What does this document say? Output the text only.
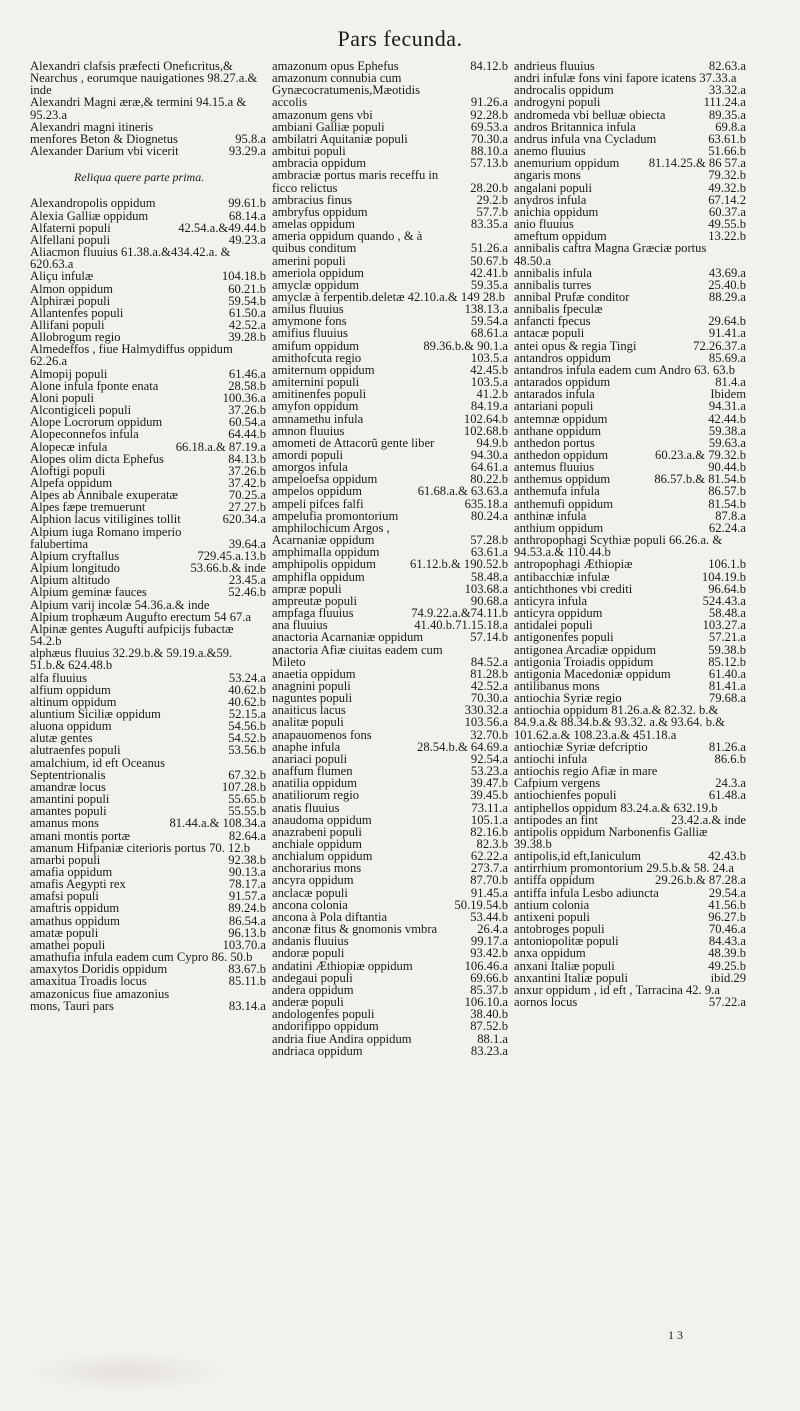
Pars fecunda.
Alexandri clafsis præfecti Onefıcritus,& Nearchus , eorumque nauigationes 98.27.a.& inde
Alexandri Magni æræ,& termini 94.15.a & 95.23.a
Alexandri magni itineris menfores Beton & Diognetus	95.8.a
Alexander Darium vbi vicerit	93.29.a
Reliqua quere parte prima.
Alexandropolis oppidum	99.61.b
Alexia Galliæ oppidum	68.14.a
Alfaterni populi	42.54.a.&49.44.b
Alfellani populi	49.23.a
Aliacmon fluuius 61.38.a.&434.42.a. & 620.63.a
Aliçu infulæ	104.18.b
Almon oppidum	60.21.b
Alphiræi populi	59.54.b
Allantenfes populi	61.50.a
Allifani populi	42.52.a
Allobrogum regio	39.28.b
Almedeffos , fiue Halmydiffus oppidum 62.26.a
Almopij populi	61.46.a
Alone infula fponte enata	28.58.b
Aloni populi	100.36.a
Alcontigiceli populi	37.26.b
Alope Locrorum oppidum	60.54.a
Alopeconnefos infula	64.44.b
Alopecæ infula	66.18.a.& 87.19.a
Alopes olim dicta Ephefus	84.13.b
Aloftigi populi	37.26.b
Alpefa oppidum	37.42.b
Alpes ab Annibale exuperatæ	70.25.a
Alpes fæpe tremuerunt	27.27.b
Alphion lacus vitiligines tollit	620.34.a
Alpium iuga Romano imperio falubertima	39.64.a
Alpium cryftallus	729.45.a.13.b
Alpium longitudo	53.66.b.& inde
Alpium altitudo	23.45.a
Alpium geminæ fauces	52.46.b
Alpium varij incolæ 54.36.a.& inde
Alpium trophæum Augufto erectum 54 67.a
Alpinæ gentes Augufti aufpicijs fubactæ 54.2.b
alphæus fluuius 32.29.b.& 59.19.a.&59. 51.b.& 624.48.b
alfa fluuius	53.24.a
alfium oppidum	40.62.b
altinum oppidum	40.62.b
aluntium Siciliæ oppidum	52.15.a
aluona oppidum	54.56.b
alutæ gentes	54.52.b
alutraenfes populi	53.56.b
amalchium, id eft Oceanus Septentrionalis	67.32.b
amandræ locus	107.28.b
amantini populi	55.65.b
amantes populi	55.55.b
amanus mons	81.44.a.& 108.34.a
amani montis portæ	82.64.a
amanum Hifpaniæ citerioris portus 70. 12.b
amarbi populi	92.38.b
amafia oppidum	90.13.a
amafis Aegypti rex	78.17.a
amafsi populi	91.57.a
amaftris oppidum	89.24.b
amathus oppidum	86.54.a
amatæ populi	96.13.b
amathei populi	103.70.a
amathufia infula eadem cum Cypro 86. 50.b
amaxytos Doridis oppidum	83.67.b
amaxitua Troadis locus	85.11.b
amazonicus fiue amazonius mons, Tauri pars	83.14.a
amazonum opus Ephefus	84.12.b
amazonum connubia cum Gynæcocratumenis,Mæotidis accolis	91.26.a
amazonum gens vbi	92.28.b
ambiani Galliæ populi	69.53.a
ambilatri Aquitaniæ populi	70.30.a
ambitui populi	88.10.a
ambracia oppidum	57.13.b
ambraciæ portus maris receffu in ficco relictus	28.20.b
ambracius finus	29.2.b
ambryfus oppidum	57.7.b
amelas oppidum	83.35.a
ameria oppidum quando , & à quibus conditum	51.26.a
amerini populi	50.67.b
ameriola oppidum	42.41.b
amyclæ oppidum	59.35.a
amyclæ à ferpentib.deletæ 42.10.a.& 149 28.b
amilus fluuius	138.13.a
amymone fons	59.54.a
amifius fluuius	68.61.a
amifum oppidum	89.36.b.& 90.1.a
amithofcuta regio	103.5.a
amiternum oppidum	42.45.b
amiternini populi	103.5.a
amitinenfes populi	41.2.b
amyfon oppidum	84.19.a
amnamethu infula	102.64.b
amnon fluuius	102.68.b
amometi de Attacorũ gente liber	94.9.b
amordi populi	94.30.a
amorgos infula	64.61.a
ampeloefsa oppidum	80.22.b
ampelos oppidum	61.68.a.& 63.63.a
ampeli pifces falfi	635.18.a
ampelufia promontorium	80.24.a
amphilochicum Argos , Acarnaniæ oppidum	57.28.b
amphimalla oppidum	63.61.a
amphipolis oppidum	61.12.b.& 190.52.b
amphifla oppidum	58.48.a
ampræ populi	103.68.a
ampreutæ populi	90.68.a
ampfaga fluuius	74.9.22.a.&74.11.b
ana fluuius	41.40.b.71.15.18.a
anactoria Acarnaniæ oppidum	57.14.b
anactoria Afiæ ciuitas eadem cum Mileto	84.52.a
anaetia oppidum	81.28.b
anagnini populi	42.52.a
naguntes populi	70.30.a
anaiticus lacus	330.32.a
analitæ populi	103.56.a
anapauomenos fons	32.70.b
anaphe infula	28.54.b.& 64.69.a
anariaci populi	92.54.a
anaffum flumen	53.23.a
anatilia oppidum	39.47.b
anatiliorum regio	39.45.b
anatis fluuius	73.11.a
anaudoma oppidum	105.1.a
anazrabeni populi	82.16.b
anchiale oppidum	82.3.b
anchialum oppidum	62.22.a
anchorarius mons	273.7.a
ancyra oppidum	87.70.b
anclacæ populi	91.45.a
ancona colonia	50.19.54.b
ancona à Pola diftantia	53.44.b
anconæ fitus & gnomonis vmbra	26.4.a
andanis fluuius	99.17.a
andoræ populi	93.42.b
andatini Æthiopiæ oppidum	106.46.a
andegaui populi	69.66.b
andera oppidum	85.37.b
anderæ populi	106.10.a
andologenfes populi	38.40.b
andorifippo oppidum	87.52.b
andria fiue Andira oppidum	88.1.a
andriaca oppidum	83.23.a
andrieus fluuius	82.63.a
andri infulæ fons vini fapore icatens 37.33.a
androcalis oppidum	33.32.a
androgyni populi	111.24.a
andromeda vbi belluæ obiecta	89.35.a
andros Britannica infula	69.8.a
andrus infula vna Cycladum	63.61.b
anemo fluuius	51.66.b
anemurium oppidum	81.14.25.& 86 57.a
angaris mons	79.32.b
angalani populi	49.32.b
anydros infula	67.14.2
anichia oppidum	60.37.a
anio fluuius	49.55.b
ameftum oppidum	13.22.b
annibalis caftra Magna Græciæ portus 48.50.a
annibalis infula	43.69.a
annibalis turres	25.40.b
annibal Prufæ conditor	88.29.a
annibalis fpeculæ
anfancti fpecus	29.64.b
antacæ populi	91.41.a
antei opus & regia Tingi	72.26.37.a
antandros oppidum	85.69.a
antandros infula eadem cum Andro 63. 63.b
antarados oppidum	81.4.a
antarados infula	Ibidem
antariani populi	94.31.a
antemnæ oppidum	42.44.b
anthane oppidum	59.38.a
anthedon portus	59.63.a
anthedon oppidum	60.23.a.& 79.32.b
antemus fluuius	90.44.b
anthemus oppidum	86.57.b.& 81.54.b
anthemufa infula	86.57.b
anthemufi oppidum	81.54.b
anthinæ infula	87.8.a
anthium oppidum	62.24.a
anthropophagi Scythiæ populi 66.26.a. & 94.53.a.& 110.44.b
antropophagi Æthiopiæ	106.1.b
antibacchiæ infulæ	104.19.b
antichthones vbi crediti	96.64.b
anticyra infula	524.43.a
anticyra oppidum	58.48.a
antidalei populi	103.27.a
antigonenfes populi	57.21.a
antigonea Arcadiæ oppidum	59.38.b
antigonia Troiadis oppidum	85.12.b
antigonia Macedoniæ oppidum	61.40.a
antilibanus mons	81.41.a
antiochia Syriæ regio	79.68.a
antiochia oppidum 81.26.a.& 82.32. b.& 84.9.a.& 88.34.b.& 93.32. a.& 93.64. b.& 101.62.a.& 108.23.a.& 451.18.a
antiochiæ Syriæ defcriptio	81.26.a
antiochi infula	86.6.b
antiochis regio Afiæ in mare Cafpium vergens	24.3.a
antiochienfes populi	61.48.a
antiphellos oppidum 83.24.a.& 632.19.b
antipodes an fint	23.42.a.& inde
antipolis oppidum Narbonenfis Galliæ 39.38.b
antipolis,id eft,Ianiculum	42.43.b
antirrhium promontorium 29.5.b.& 58. 24.a
antiffa oppidum	29.26.b.& 87.28.a
antiffa infula Lesbo adiuncta	29.54.a
antium colonia	41.56.b
antixeni populi	96.27.b
antobroges populi	70.46.a
antoniopolitæ populi	84.43.a
anxa oppidum	48.39.b
anxani Italiæ populi	49.25.b
anxantini Italiæ populi	ibid.29
anxur oppidum , id eft , Tarracina 42. 9.a
aornos locus	57.22.a
1 3
